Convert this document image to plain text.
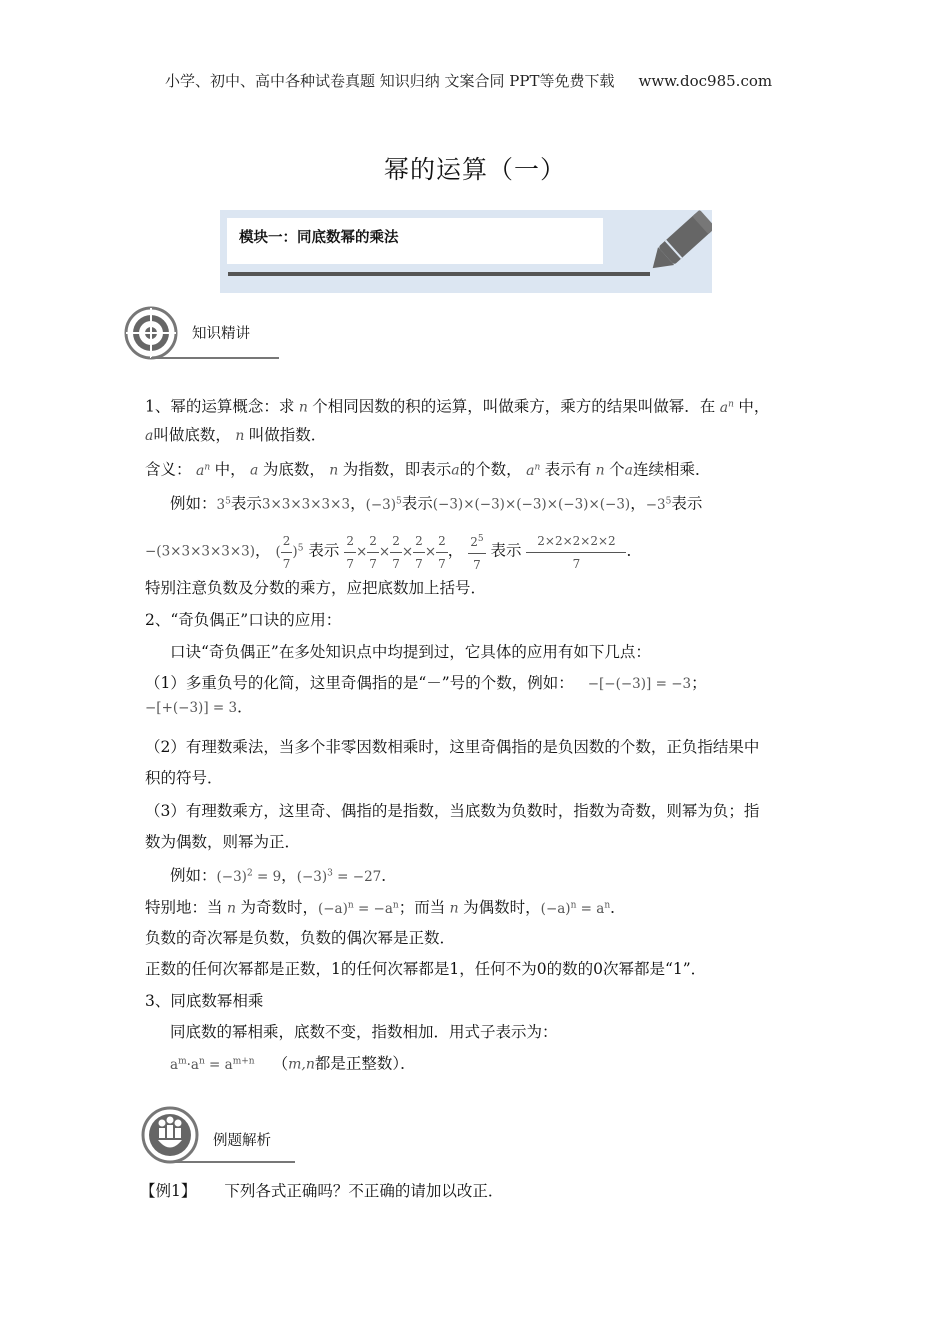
小学、初中、高中各种试卷真题 知识归纳 文案合同 PPT等免费下载 www.doc985.com
幂的运算（一）
模块一：同底数幂的乘法
知识精讲
1、幂的运算概念：求 n 个相同因数的积的运算，叫做乘方，乘方的结果叫做幂．在 $a^n$ 中，
a叫做底数， n 叫做指数．
含义： $a^n$ 中， a 为底数， n 为指数，即表示a的个数， $a^n$ 表示有 n 个a连续相乘．
例如：$3^5$表示3×3×3×3×3，$(-3)^5$表示(−3)×(−3)×(−3)×(−3)×(−3)，$-3^5$表示
−(3×3×3×3×3)， ( $\frac{2}{7} )^5$ 表示 $\frac{2}{7} \times \frac{2}{7} \times \frac{2}{7} \times \frac{2}{7} \times \frac{2}{7}$ ， $\frac{2^5}{7}$ 表示 $\frac{2\times 2\times 2\times 2\times 2}{7}$ ．
特别注意负数及分数的乘方，应把底数加上括号．
2、“奇负偶正”口诀的应用：
口诀“奇负偶正”在多处知识点中均提到过，它具体的应用有如下几点：
（1）多重负号的化简，这里奇偶指的是“－”号的个数，例如： −[−(−3)] = −3；
−[+(−3)] = 3．
（2）有理数乘法，当多个非零因数相乘时，这里奇偶指的是负因数的个数，正负指结果中
积的符号．
（3）有理数乘方，这里奇、偶指的是指数，当底数为负数时，指数为奇数，则幂为负；指
数为偶数，则幂为正．
例如：$(-3)^2 = 9$，$(-3)^3 = -27$．
特别地：当 n 为奇数时，$(-a)^n = -a^n$；而当 n 为偶数时，$(-a)^n = a^n$．
负数的奇次幂是负数，负数的偶次幂是正数．
正数的任何次幂都是正数，1的任何次幂都是1，任何不为0的数的0次幂都是“1”．
3、同底数幂相乘
同底数的幂相乘，底数不变，指数相加．用式子表示为：
$a^m\cdot a^n = a^{m+n}$ （m,n都是正整数）．
例题解析
【例1】 下列各式正确吗？不正确的请加以改正．
